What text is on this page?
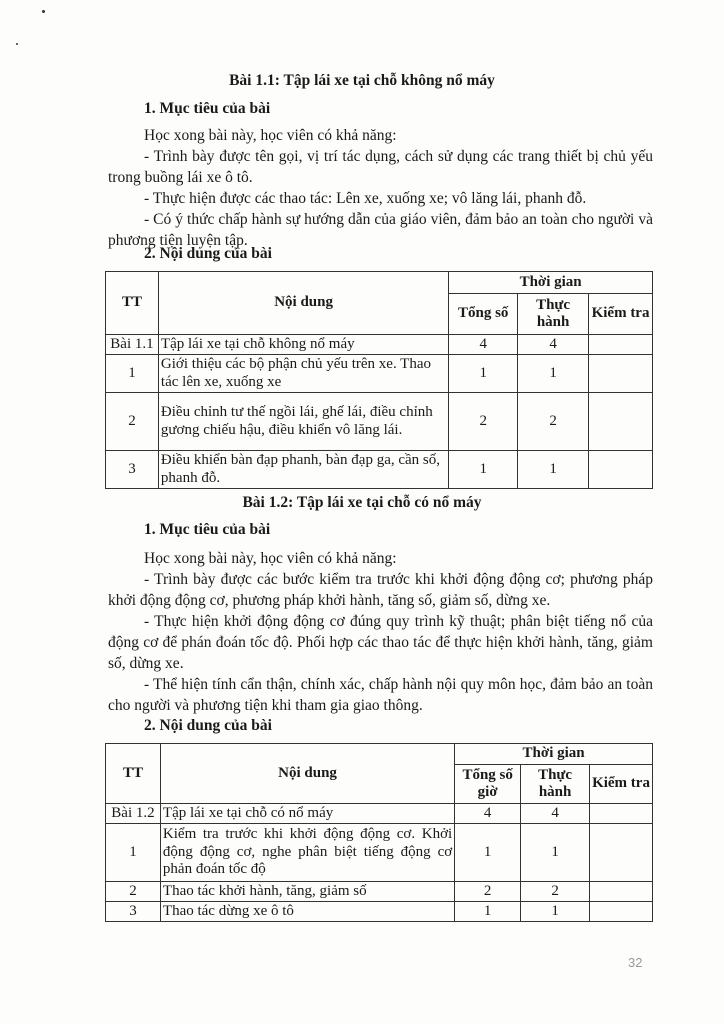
Bài 1.1: Tập lái xe tại chỗ không nổ máy
1. Mục tiêu của bài

Học xong bài này, học viên có khả năng:

- Trình bày được tên gọi, vị trí tác dụng, cách sử dụng các trang thiết bị chủ yếu trong buồng lái xe ô tô.

- Thực hiện được các thao tác: Lên xe, xuống xe; vô lăng lái, phanh đỗ.

- Có ý thức chấp hành sự hướng dẫn của giáo viên, đảm bảo an toàn cho người và phương tiện luyện tập.

2. Nội dung của bài
TT	Nội dung	Thời gian		
		Tổng số	Thực hành	Kiểm tra
Bài 1.1	Tập lái xe tại chỗ không nổ máy	4	4	
1	Giới thiệu các bộ phận chủ yếu trên xe. Thao tác lên xe, xuống xe	1	1	
2	Điều chỉnh tư thế ngồi lái, ghế lái, điều chỉnh gương chiếu hậu, điều khiển vô lăng lái.	2	2	
3	Điều khiển bàn đạp phanh, bàn đạp ga, cần số, phanh đỗ.	1	1	
Bài 1.2: Tập lái xe tại chỗ có nổ máy
1. Mục tiêu của bài

Học xong bài này, học viên có khả năng:

- Trình bày được các bước kiểm tra trước khi khởi động động cơ; phương pháp khởi động động cơ, phương pháp khởi hành, tăng số, giảm số, dừng xe.

- Thực hiện khởi động động cơ đúng quy trình kỹ thuật; phân biệt tiếng nổ của động cơ để phán đoán tốc độ. Phối hợp các thao tác để thực hiện khởi hành, tăng, giảm số, dừng xe.

- Thể hiện tính cẩn thận, chính xác, chấp hành nội quy môn học, đảm bảo an toàn cho người và phương tiện khi tham gia giao thông.

2. Nội dung của bài
TT	Nội dung	Thời gian		
		Tổng số giờ	Thực hành	Kiểm tra
Bài 1.2	Tập lái xe tại chỗ có nổ máy	4	4	
1	Kiểm tra trước khi khởi động động cơ. Khởi động động cơ, nghe phân biệt tiếng động cơ phản đoán tốc độ	1	1	
2	Thao tác khởi hành, tăng, giảm số	2	2	
3	Thao tác dừng xe ô tô	1	1	
32
